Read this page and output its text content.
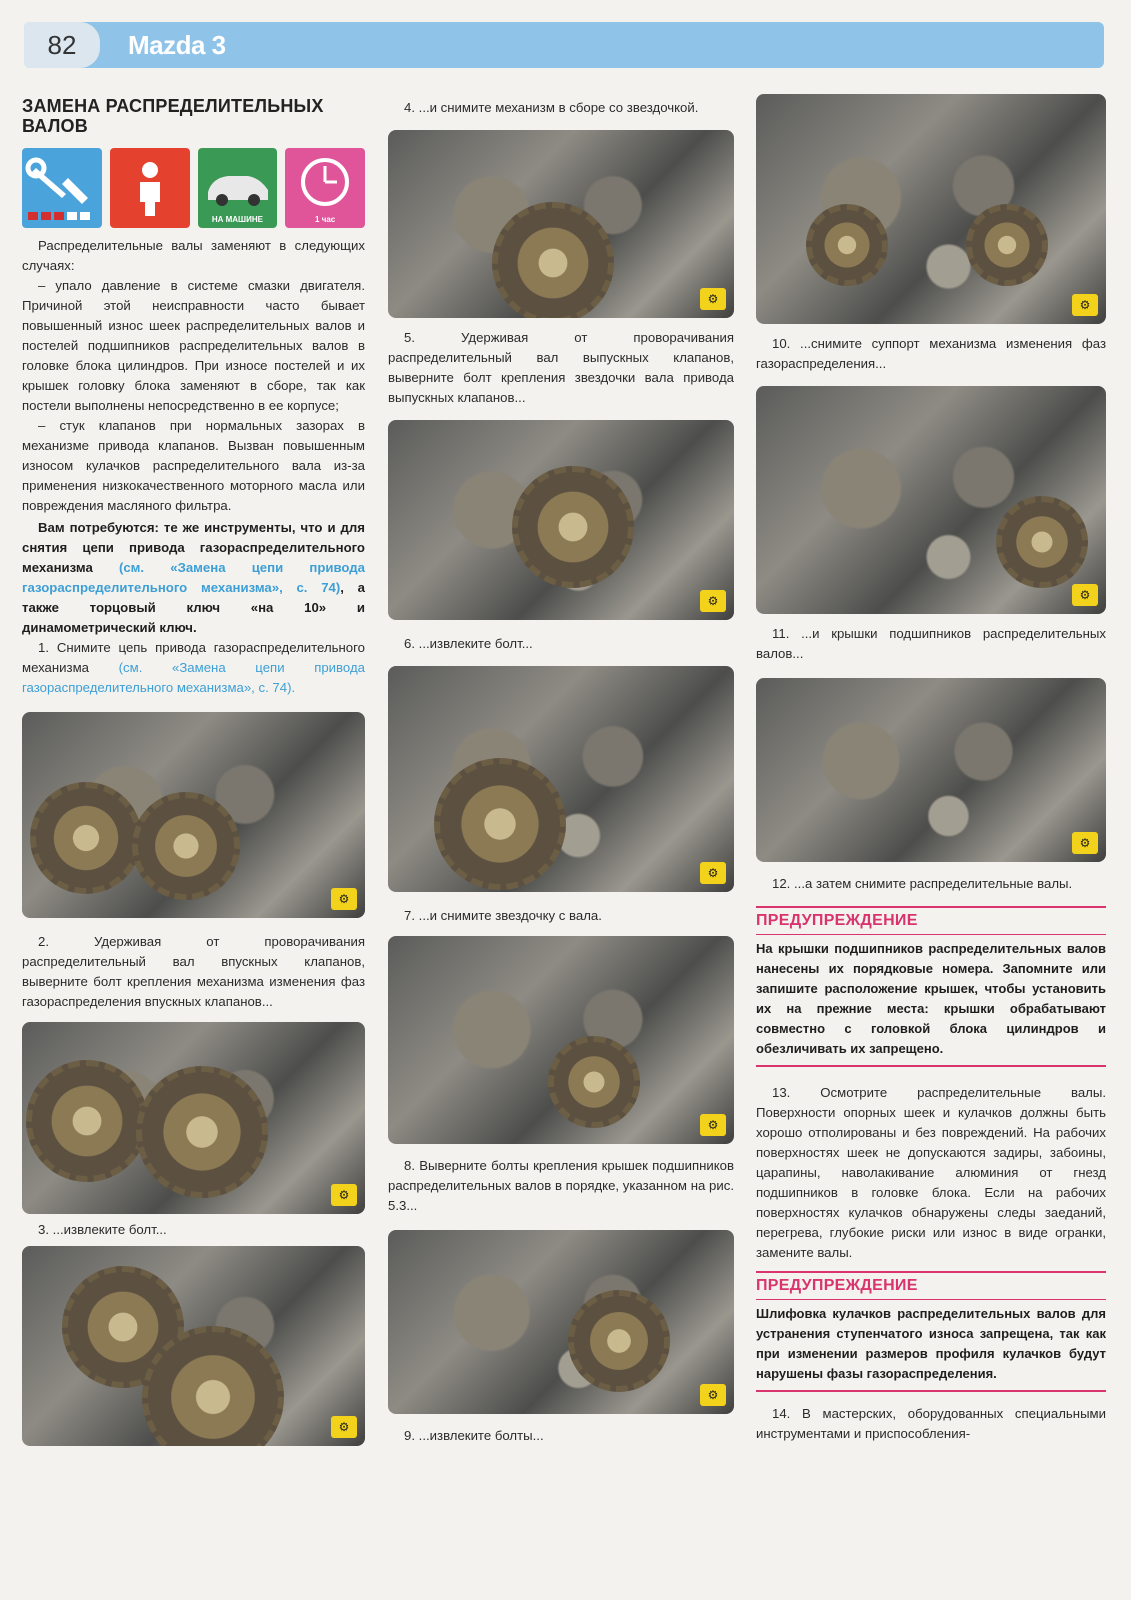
82	Mazda 3
ЗАМЕНА РАСПРЕДЕЛИТЕЛЬНЫХ ВАЛОВ
НА МАШИНЕ	1 час

Распределительные валы заменяют в следующих случаях:

– упало давление в системе смазки двигателя. Причиной этой неисправности часто бывает повышенный износ шеек распределительных валов и постелей подшипников распределительных валов в головке блока цилиндров. При износе постелей и их крышек головку блока заменяют в сборе, так как постели выполнены непосредственно в ее корпусе;

– стук клапанов при нормальных зазорах в механизме привода клапанов. Вызван повышенным износом кулачков распределительного вала из-за применения низкокачественного моторного масла или повреждения масляного фильтра.

Вам потребуются: те же инструменты, что и для снятия цепи привода газораспределительного механизма (см. «Замена цепи привода газораспределительного механизма», с. 74), а также торцовый ключ «на 10» и динамометрический ключ.

1. Снимите цепь привода газораспределительного механизма (см. «Замена цепи привода газораспределительного механизма», с. 74).

⚙

2. Удерживая от проворачивания распределительный вал впускных клапанов, выверните болт крепления механизма изменения фаз газораспределения впускных клапанов...

⚙

3. ...извлеките болт...

⚙

4. ...и снимите механизм в сборе со звездочкой.

⚙

5. Удерживая от проворачивания распределительный вал выпускных клапанов, выверните болт крепления звездочки вала привода выпускных клапанов...

⚙

6. ...извлеките болт...

⚙

7. ...и снимите звездочку с вала.

⚙

8. Выверните болты крепления крышек подшипников распределительных валов в порядке, указанном на рис. 5.3...

⚙

9. ...извлеките болты...

⚙

10. ...снимите суппорт механизма изменения фаз газораспределения...

⚙

11. ...и крышки подшипников распределительных валов...

⚙

12. ...а затем снимите распределительные валы.

ПРЕДУПРЕЖДЕНИЕ
На крышки подшипников распределительных валов нанесены их порядковые номера. Запомните или запишите расположение крышек, чтобы установить их на прежние места: крышки обрабатывают совместно с головкой блока цилиндров и обезличивать их запрещено.

13. Осмотрите распределительные валы. Поверхности опорных шеек и кулачков должны быть хорошо отполированы и без повреждений. На рабочих поверхностях шеек не допускаются задиры, забоины, царапины, наволакивание алюминия от гнезд подшипников в головке блока. Если на рабочих поверхностях кулачков обнаружены следы заеданий, перегрева, глубокие риски или износ в виде огранки, замените валы.

ПРЕДУПРЕЖДЕНИЕ
Шлифовка кулачков распределительных валов для устранения ступенчатого износа запрещена, так как при изменении размеров профиля кулачков будут нарушены фазы газораспределения.

14. В мастерских, оборудованных специальными инструментами и приспособления-
